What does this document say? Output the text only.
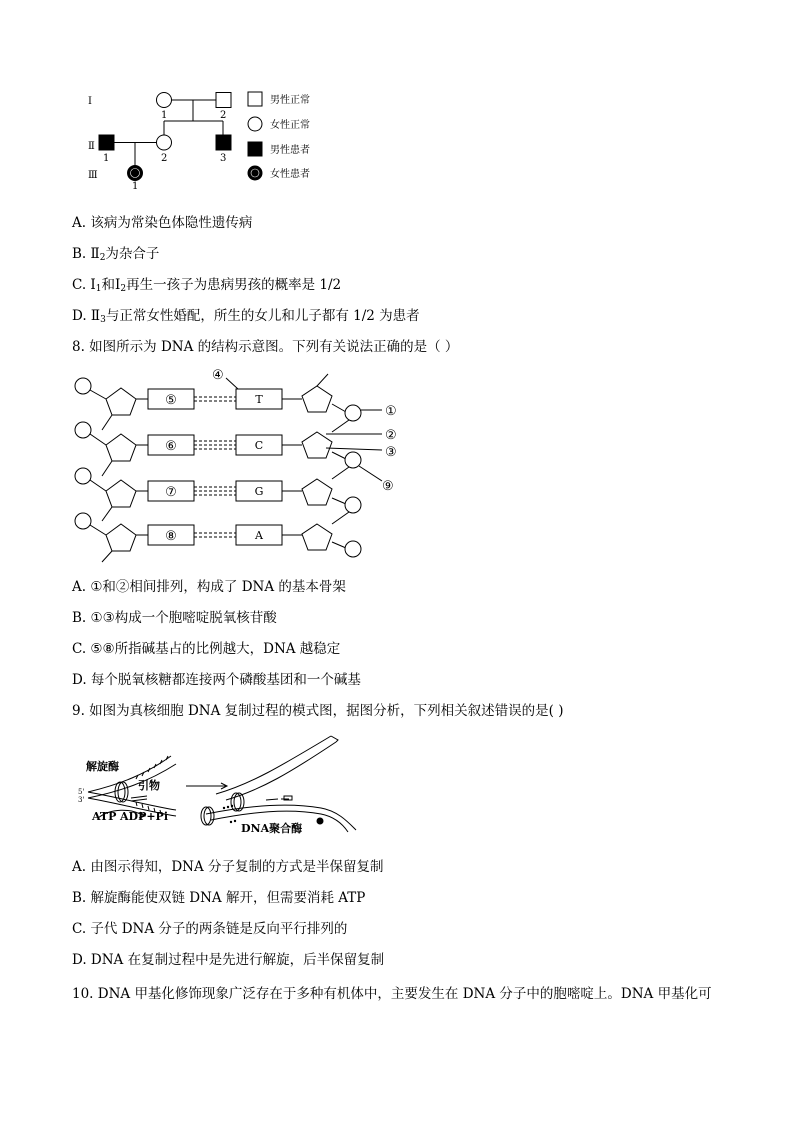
Ⅰ
Ⅱ
Ⅲ
1	2
1	2	3
1
男性正常
女性正常
男性患者
女性患者
A. 该病为常染色体隐性遗传病
B. $Ⅱ_2$为杂合子
C. $Ⅰ_1$和$Ⅰ_2$再生一孩子为患病男孩的概率是 1/2
D. $Ⅱ_3$与正常女性婚配，所生的女儿和儿子都有 1/2 为患者
8. 如图所示为 DNA 的结构示意图。下列有关说法正确的是（ ）
⑤
⑥
⑦
⑧
T
C
G
A
④
①
②
③
⑨
A. ①和②相间排列，构成了 DNA 的基本骨架
B. ①③构成一个胞嘧啶脱氧核苷酸
C. ⑤⑧所指碱基占的比例越大，DNA 越稳定
D. 每个脱氧核糖都连接两个磷酸基团和一个碱基
9. 如图为真核细胞 DNA 复制过程的模式图，据图分析，下列相关叙述错误的是( )
解旋酶
引物
ATP ADP+Pi
DNA聚合酶
5'
3'
A. 由图示得知，DNA 分子复制的方式是半保留复制
B. 解旋酶能使双链 DNA 解开，但需要消耗 ATP
C. 子代 DNA 分子的两条链是反向平行排列的
D. DNA 在复制过程中是先进行解旋，后半保留复制
10. DNA 甲基化修饰现象广泛存在于多种有机体中，主要发生在 DNA 分子中的胞嘧啶上。DNA 甲基化可
